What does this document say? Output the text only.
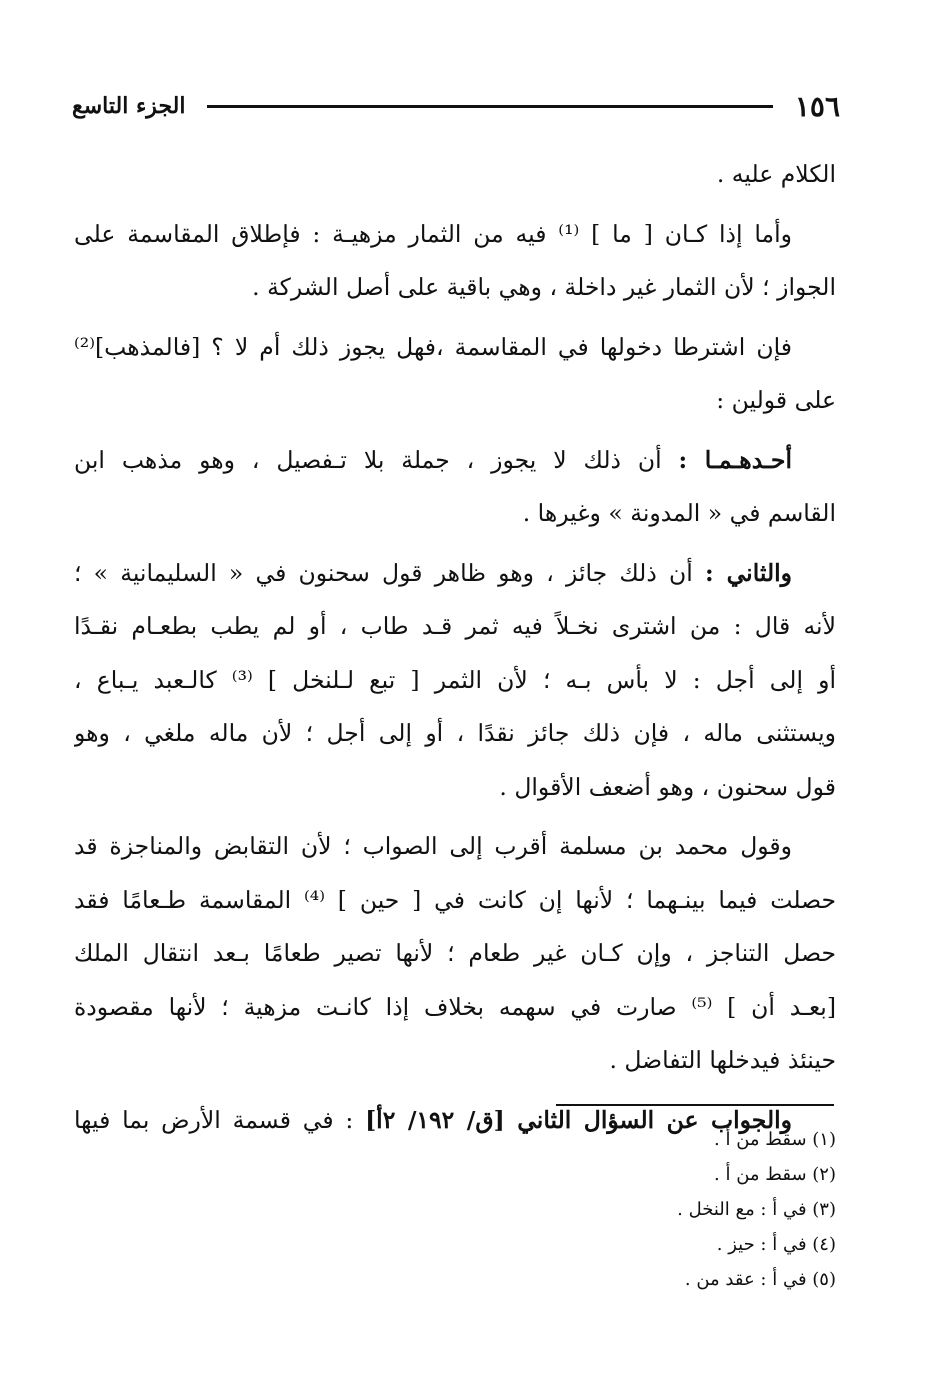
١٥٦
الجزء التاسع
الكلام عليه .
وأما إذا كـان [ ما ] ⁽¹⁾ فيه من الثمار مزهيـة : فإطلاق المقاسمة على
الجواز ؛ لأن الثمار غير داخلة ، وهي باقية على أصل الشركة .
فإن اشترطا دخولها في المقاسمة ،فهل يجوز ذلك أم لا ؟ [فالمذهب]⁽²⁾
على قولين :
أحـدهـمـا : أن ذلك لا يجوز ، جملة بلا تـفصيل ، وهو مذهب ابن
القاسم في « المدونة » وغيرها .
والثاني : أن ذلك جائز ، وهو ظاهر قول سحنون في « السليمانية » ؛
لأنه قال : من اشترى نخـلاً فيه ثمر قـد طاب ، أو لم يطب بطعـام نقـدًا
أو إلى أجل : لا بأس بـه ؛ لأن الثمر [ تبع لـلنخل ] ⁽³⁾ كالـعبد يـباع ،
ويستثنى ماله ، فإن ذلك جائز نقدًا ، أو إلى أجل ؛ لأن ماله ملغي ، وهو
قول سحنون ، وهو أضعف الأقوال .
وقول محمد بن مسلمة أقرب إلى الصواب ؛ لأن التقابض والمناجزة قد
حصلت فيما بينـهما ؛ لأنها إن كانت في [ حين ] ⁽⁴⁾ المقاسمة طـعامًا فقد
حصل التناجز ، وإن كـان غير طعام ؛ لأنها تصير طعامًا بـعد انتقال الملك
[بعـد أن ] ⁽⁵⁾ صارت في سهمه بخلاف إذا كانـت مزهية ؛ لأنها مقصودة
حينئذ فيدخلها التفاضل .
والجواب عن السؤال الثاني [ق/ ١٩٢/ ٢أ] : في قسمة الأرض بما فيها
(١) سقط من أ .
(٢) سقط من أ .
(٣) في أ : مع النخل .
(٤) في أ : حيز .
(٥) في أ : عقد من .
